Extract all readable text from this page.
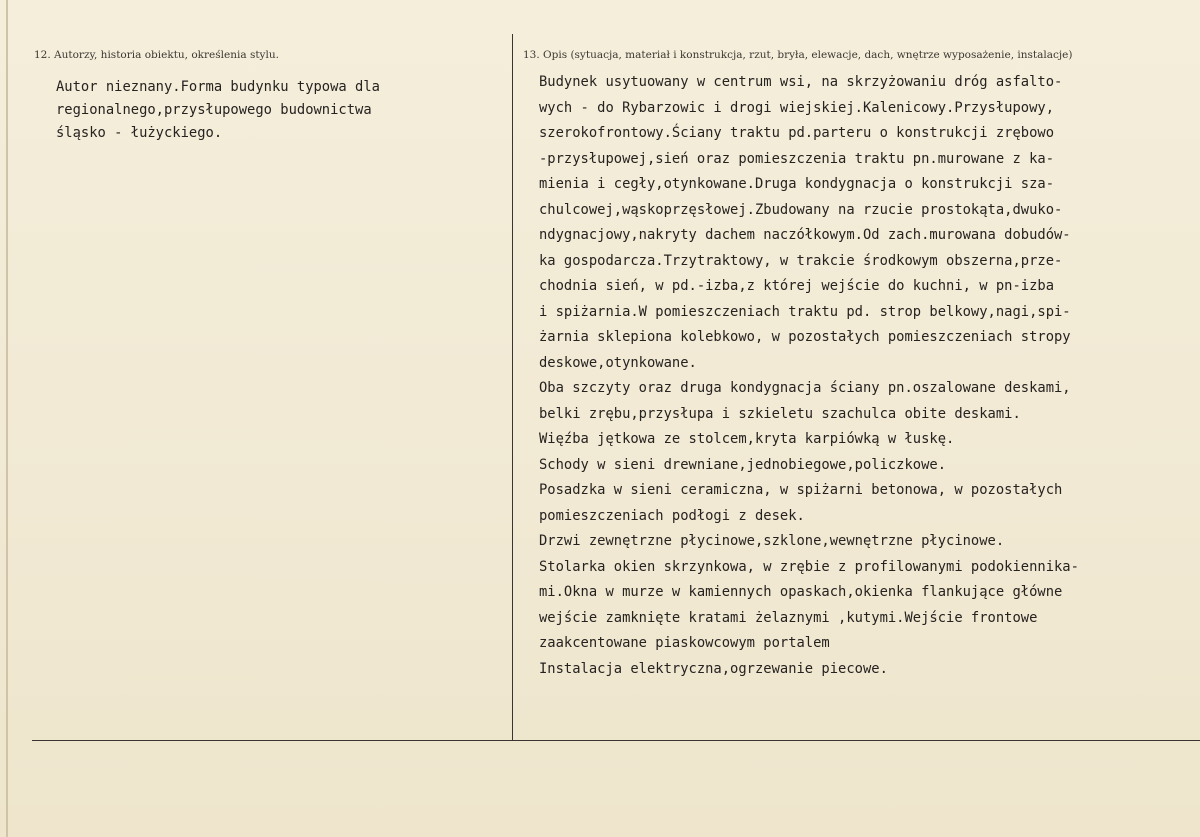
12. Autorzy, historia obiektu, określenia stylu.
Autor nieznany.Forma budynku typowa dla
regionalnego,przysłupowego budownictwa
śląsko - łużyckiego.
13. Opis (sytuacja, materiał i konstrukcja, rzut, bryła, elewacje, dach, wnętrze wyposażenie, instalacje)
Budynek usytuowany w centrum wsi, na skrzyżowaniu dróg asfalto-
wych - do Rybarzowic i drogi wiejskiej.Kalenicowy.Przysłupowy,
szerokofrontowy.Ściany traktu pd.parteru o konstrukcji zrębowo
-przysłupowej,sień oraz pomieszczenia traktu pn.murowane z ka-
mienia i cegły,otynkowane.Druga kondygnacja o konstrukcji sza-
chulcowej,wąskoprzęsłowej.Zbudowany na rzucie prostokąta,dwuko-
ndygnacjowy,nakryty dachem naczółkowym.Od zach.murowana dobudów-
ka gospodarcza.Trzytraktowy, w trakcie środkowym obszerna,prze-
chodnia sień, w pd.-izba,z której wejście do kuchni, w pn-izba
i spiżarnia.W pomieszczeniach traktu pd. strop belkowy,nagi,spi-
żarnia sklepiona kolebkowo, w pozostałych pomieszczeniach stropy
deskowe,otynkowane.
Oba szczyty oraz druga kondygnacja ściany pn.oszalowane deskami,
belki zrębu,przysłupa i szkieletu szachulca obite deskami.
Więźba jętkowa ze stolcem,kryta karpiówką w łuskę.
Schody w sieni drewniane,jednobiegowe,policzkowe.
Posadzka w sieni ceramiczna, w spiżarni betonowa, w pozostałych
pomieszczeniach podłogi z desek.
Drzwi zewnętrzne płycinowe,szklone,wewnętrzne płycinowe.
Stolarka okien skrzynkowa, w zrębie z profilowanymi podokiennika-
mi.Okna w murze w kamiennych opaskach,okienka flankujące główne
wejście zamknięte kratami żelaznymi ,kutymi.Wejście frontowe
zaakcentowane piaskowcowym portalem
Instalacja elektryczna,ogrzewanie piecowe.
